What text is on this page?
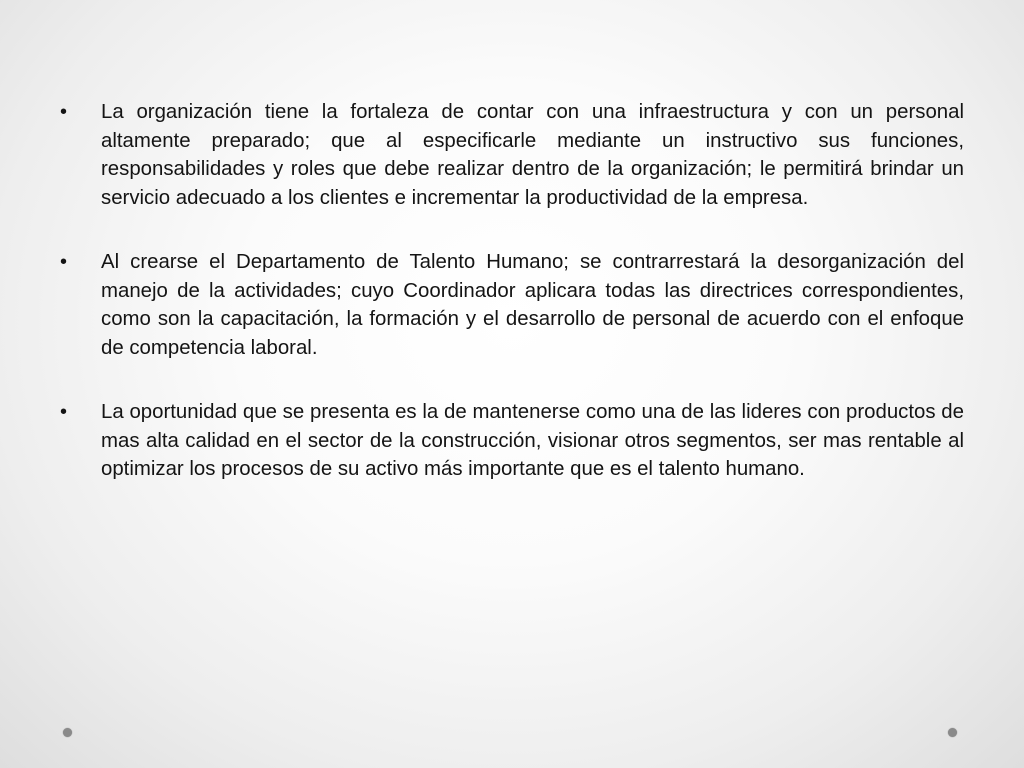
•	La organización tiene la fortaleza de contar con una infraestructura y con un personal altamente preparado; que al especificarle mediante un instructivo sus funciones, responsabilidades y roles que debe realizar dentro de la organización; le permitirá brindar un servicio adecuado a los clientes e incrementar la productividad de la empresa.
•	Al crearse el Departamento de Talento Humano; se contrarrestará la desorganización del manejo de la actividades; cuyo Coordinador aplicara todas las directrices correspondientes, como son la capacitación, la formación y el desarrollo de personal de acuerdo con el enfoque de competencia laboral.
•	La oportunidad que se presenta es la de mantenerse como una de las lideres con productos de mas alta calidad en el sector de la construcción, visionar otros segmentos, ser mas rentable al optimizar los procesos de su activo más importante que es el talento humano.
